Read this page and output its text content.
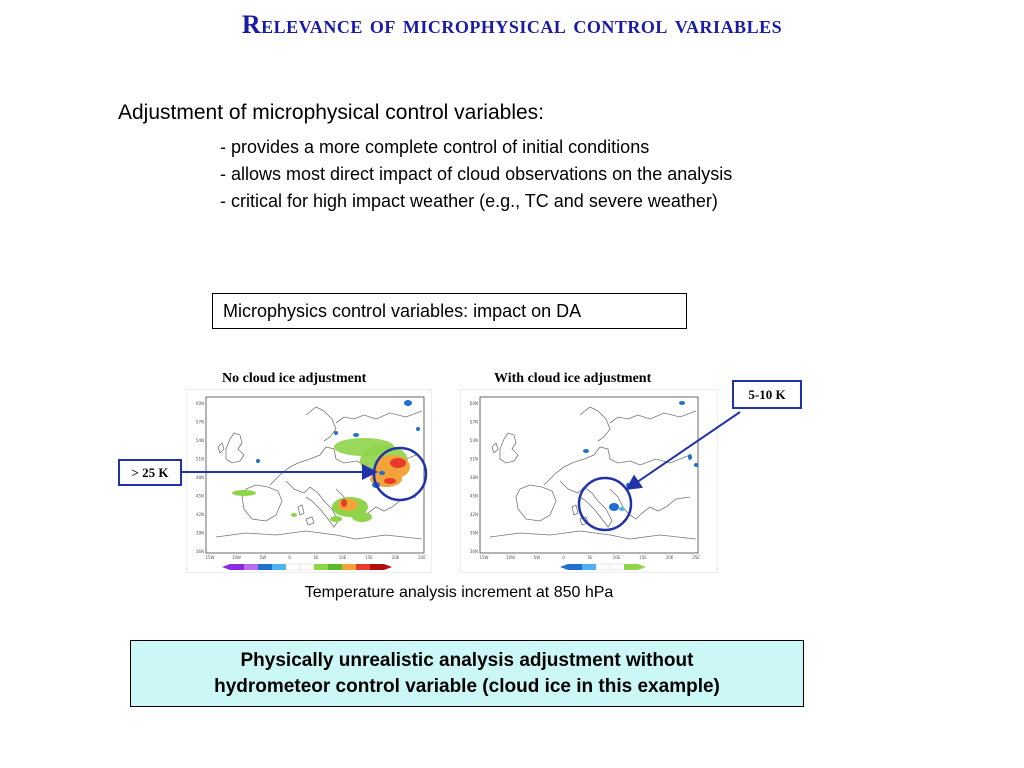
Relevance of microphysical control variables
Adjustment of microphysical control variables:
- provides a more complete control of initial conditions
- allows most direct impact of cloud observations on the analysis
- critical for high impact weather (e.g., TC and severe weather)
Microphysics control variables: impact on DA
No cloud ice adjustment	With cloud ice adjustment
60N
57N
54N
51N
48N
45N
42N
39N
36N
15W	10W	5W	0	5E	10E	15E	20E	25E
60N
57N
54N
51N
48N
45N
42N
39N
36N
15W	10W	5W	0	5E	10E	15E	20E	25E
> 25 K
5-10 K
Temperature analysis increment at 850 hPa
Physically unrealistic analysis adjustment without
hydrometeor control variable (cloud ice in this example)
